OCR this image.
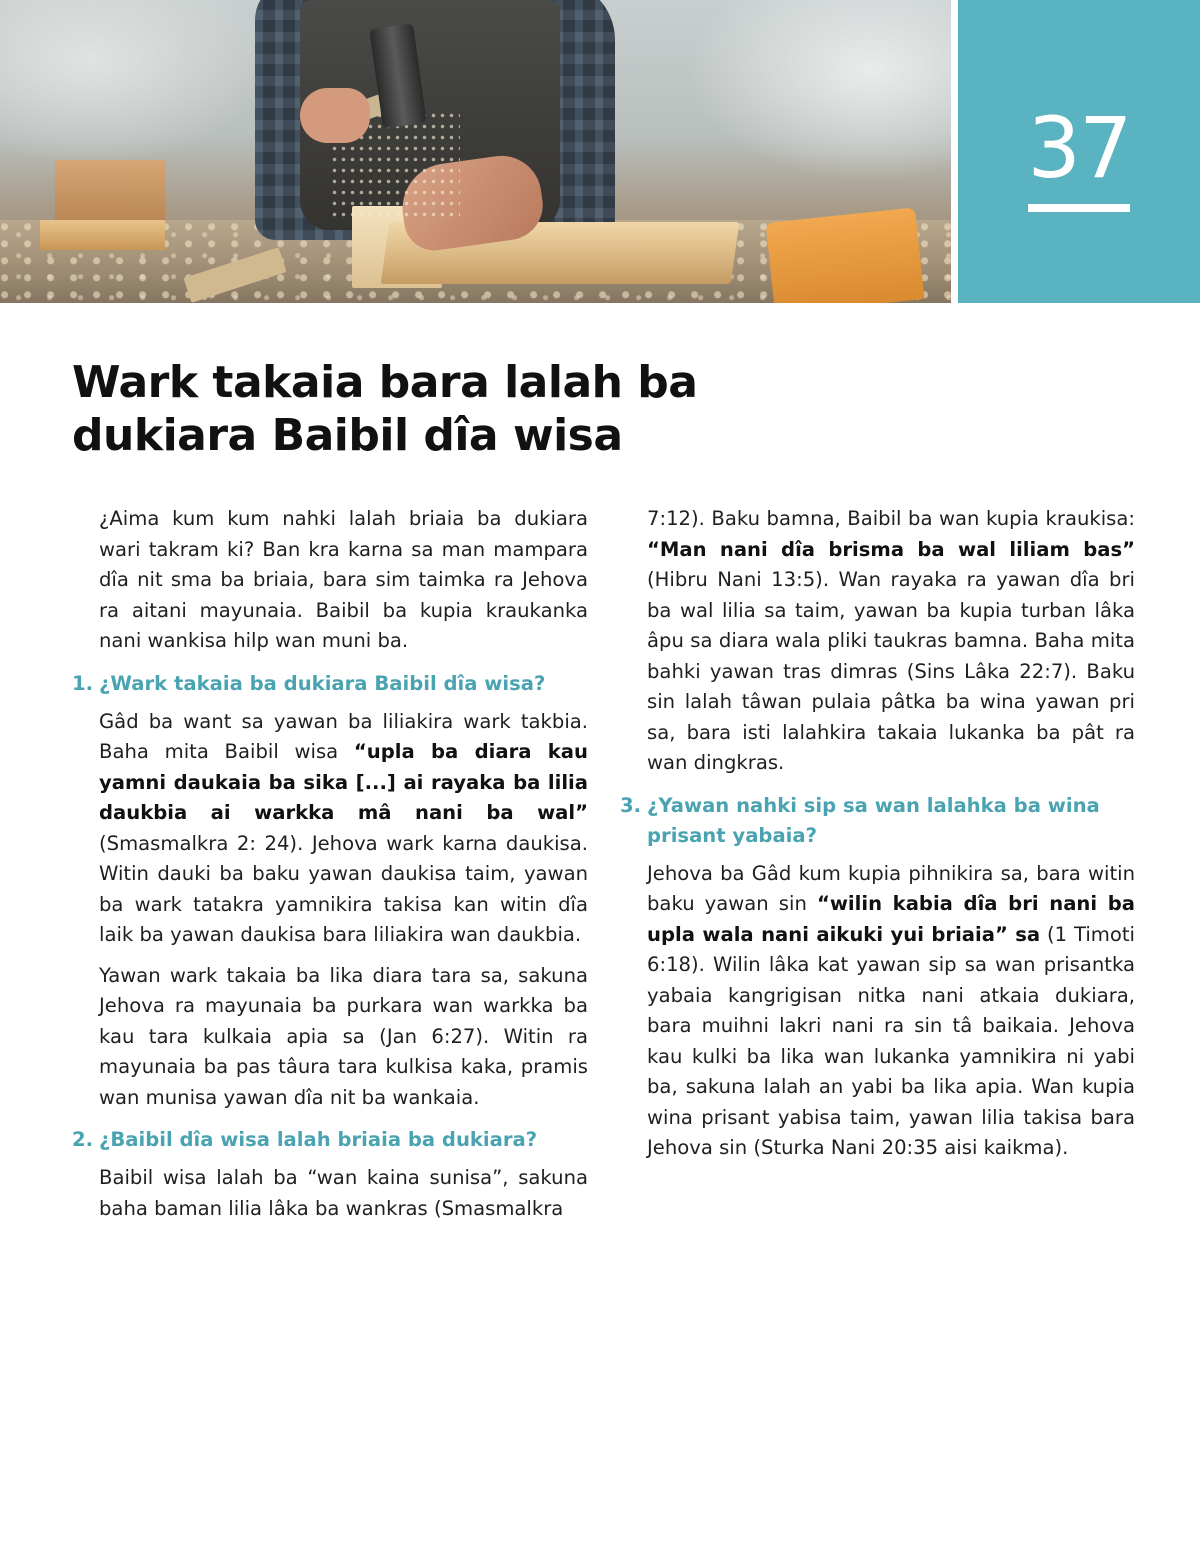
37
Wark takaia bara lalah ba dukiara Baibil dîa wisa

¿Aima kum kum nahki lalah briaia ba dukiara wari takram ki? Ban kra karna sa man mampara dîa nit sma ba briaia, bara sim taimka ra Jehova ra aitani mayunaia. Baibil ba kupia kraukanka nani wankisa hilp wan muni ba.

1. ¿Wark takaia ba dukiara Baibil dîa wisa?

Gâd ba want sa yawan ba liliakira wark takbia. Baha mita Baibil wisa “upla ba diara kau yamni daukaia ba sika [...] ai rayaka ba lilia daukbia ai warkka mâ nani ba wal” (Smasmalkra 2: 24). Jehova wark karna daukisa. Witin dauki ba baku yawan daukisa taim, yawan ba wark tatakra yamnikira takisa kan witin dîa laik ba yawan daukisa bara liliakira wan daukbia.

Yawan wark takaia ba lika diara tara sa, sakuna Jehova ra mayunaia ba purkara wan warkka ba kau tara kulkaia apia sa (Jan 6:27). Witin ra mayunaia ba pas tâura tara kulkisa kaka, pramis wan munisa yawan dîa nit ba wankaia.

2. ¿Baibil dîa wisa lalah briaia ba dukiara?

Baibil wisa lalah ba “wan kaina sunisa”, sakuna baha baman lilia lâka ba wankras (Smasmalkra

7:12). Baku bamna, Baibil ba wan kupia kraukisa: “Man nani dîa brisma ba wal liliam bas” (Hibru Nani 13:5). Wan rayaka ra yawan dîa bri ba wal lilia sa taim, yawan ba kupia turban lâka âpu sa diara wala pliki taukras bamna. Baha mita bahki yawan tras dimras (Sins Lâka 22:7). Baku sin lalah tâwan pulaia pâtka ba wina yawan pri sa, bara isti lalahkira takaia lukanka ba pât ra wan dingkras.

3. ¿Yawan nahki sip sa wan lalahka ba wina prisant yabaia?

Jehova ba Gâd kum kupia pihnikira sa, bara witin baku yawan sin “wilin kabia dîa bri nani ba upla wala nani aikuki yui briaia” sa (1 Timoti 6:18). Wilin lâka kat yawan sip sa wan prisantka yabaia kangrigisan nitka nani atkaia dukiara, bara muihni lakri nani ra sin tâ baikaia. Jehova kau kulki ba lika wan lukanka yamnikira ni yabi ba, sakuna lalah an yabi ba lika apia. Wan kupia wina prisant yabisa taim, yawan lilia takisa bara Jehova sin (Sturka Nani 20:35 aisi kaikma).
